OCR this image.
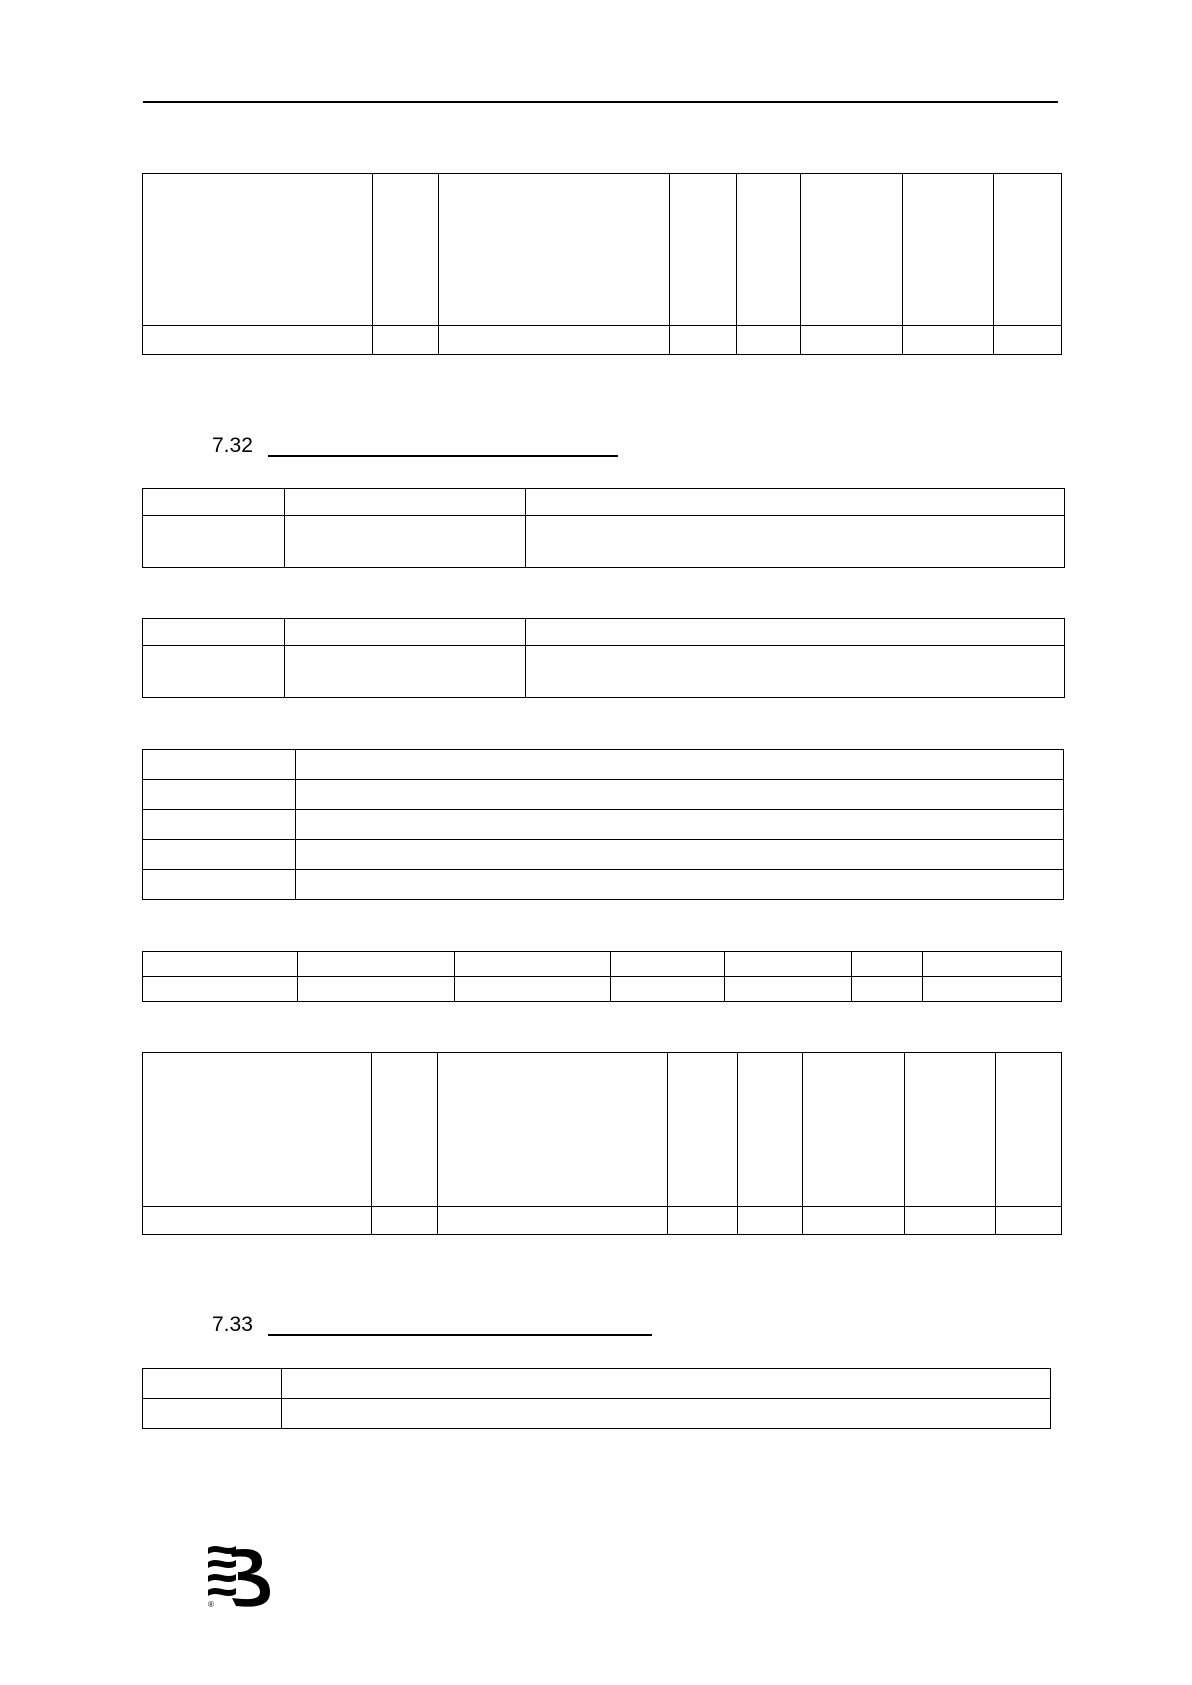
7.32

7.33

®
